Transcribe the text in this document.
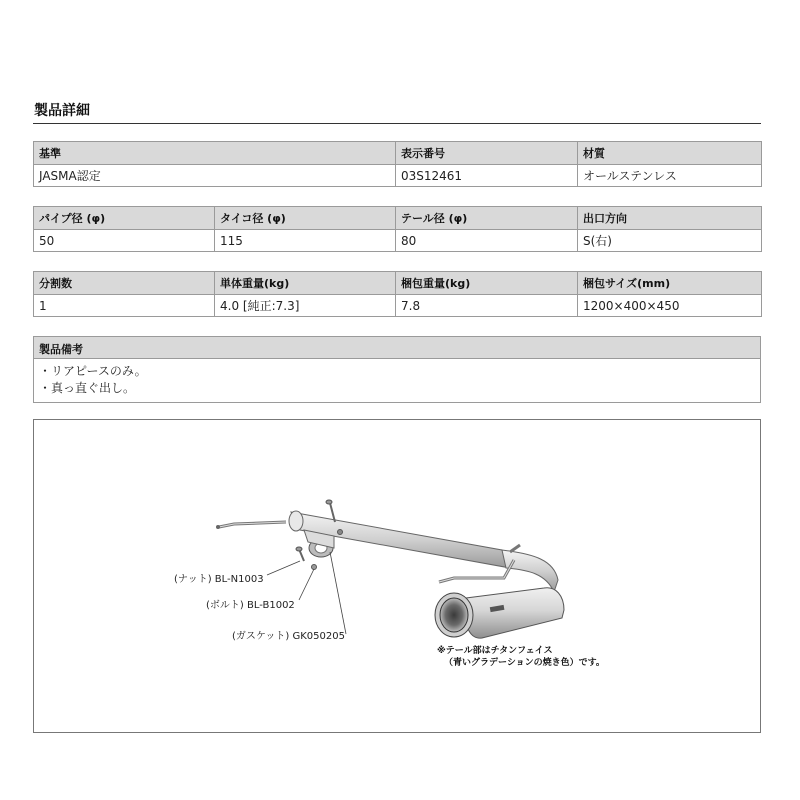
製品詳細
基準	表示番号	材質
JASMA認定	03S12461	オールステンレス
パイプ径 (φ)	タイコ径 (φ)	テール径 (φ)	出口方向
50	115	80	S(右)
分割数	単体重量(kg)	梱包重量(kg)	梱包サイズ(mm)
1	4.0 [純正:7.3]	7.8	1200×400×450
製品備考
・リアピースのみ。
・真っ直ぐ出し。
(ナット) BL-N1003
(ボルト) BL-B1002
(ガスケット) GK050205
※テール部はチタンフェイス
（青いグラデーションの焼き色）です。
